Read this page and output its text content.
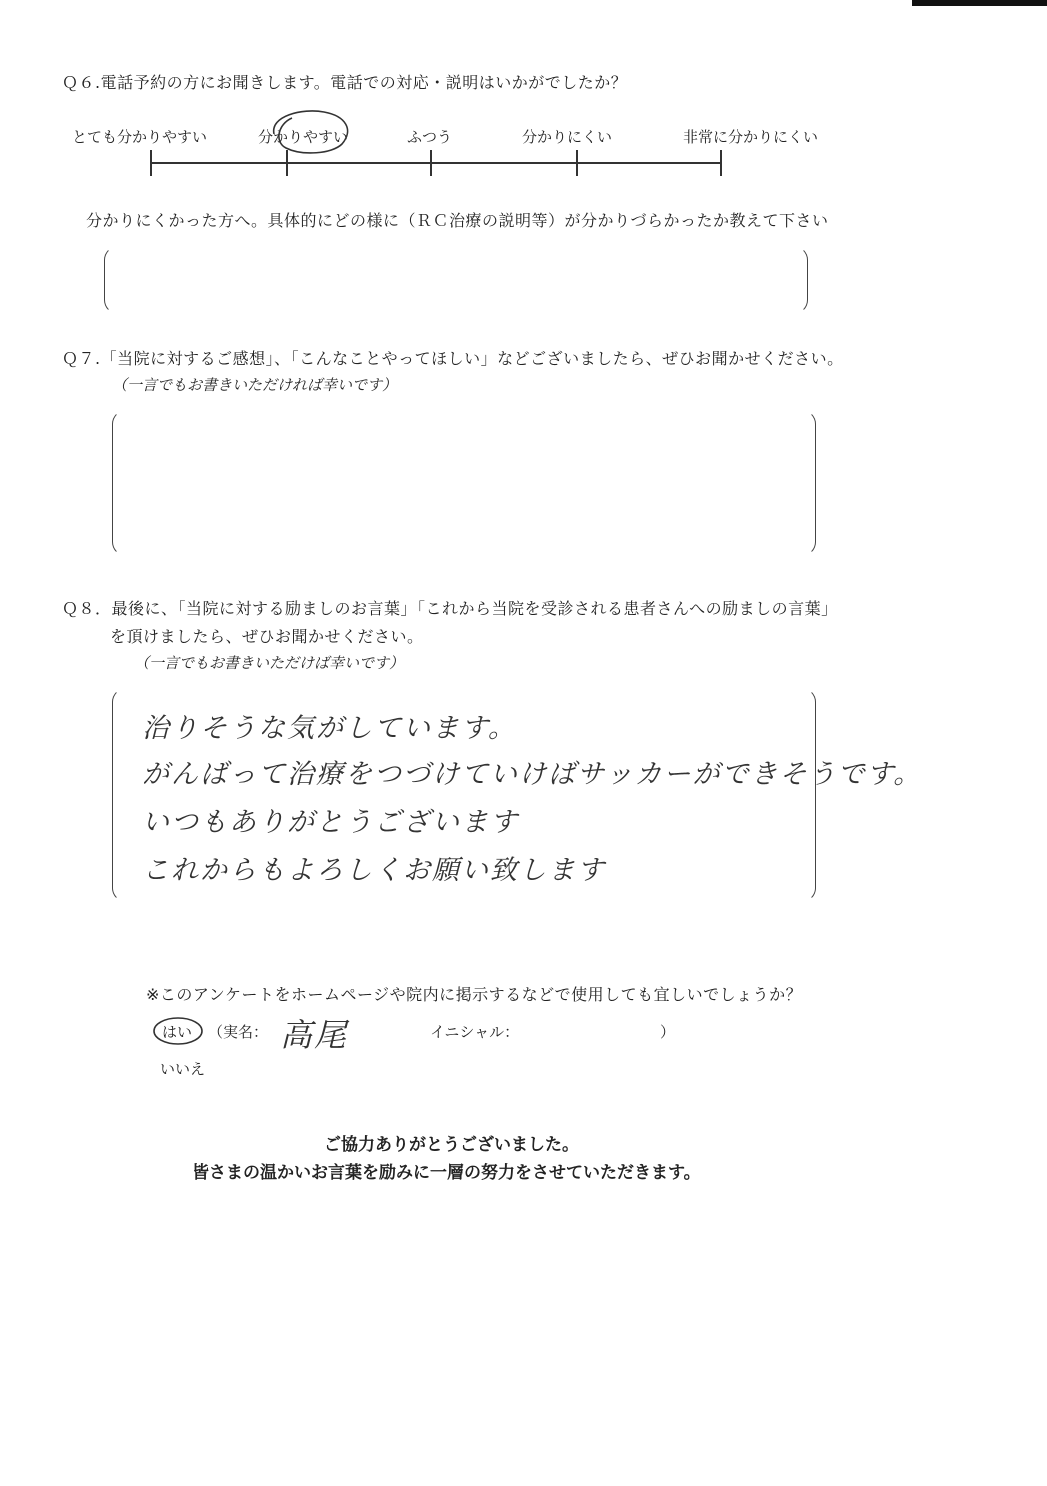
Ｑ６.電話予約の方にお聞きします。電話での対応・説明はいかがでしたか？
とても分かりやすい	分かりやすい	ふつう	分かりにくい	非常に分かりにくい
分かりにくかった方へ。具体的にどの様に（ＲＣ治療の説明等）が分かりづらかったか教えて下さい
Ｑ７.「当院に対するご感想」、「こんなことやってほしい」などございましたら、ぜひお聞かせください。
（一言でもお書きいただければ幸いです）
Ｑ８．最後に、「当院に対する励ましのお言葉」「これから当院を受診される患者さんへの励ましの言葉」
を頂けましたら、ぜひお聞かせください。
（一言でもお書きいただけば幸いです）
治りそうな気がしています。
がんばって治療をつづけていけばサッカーができそうです。
いつもありがとうございます
これからもよろしくお願い致します
※このアンケートをホームページや院内に掲示するなどで使用しても宜しいでしょうか？
はい （実名： 高尾	イニシャル：	）
いいえ
ご協力ありがとうございました。
皆さまの温かいお言葉を励みに一層の努力をさせていただきます。
